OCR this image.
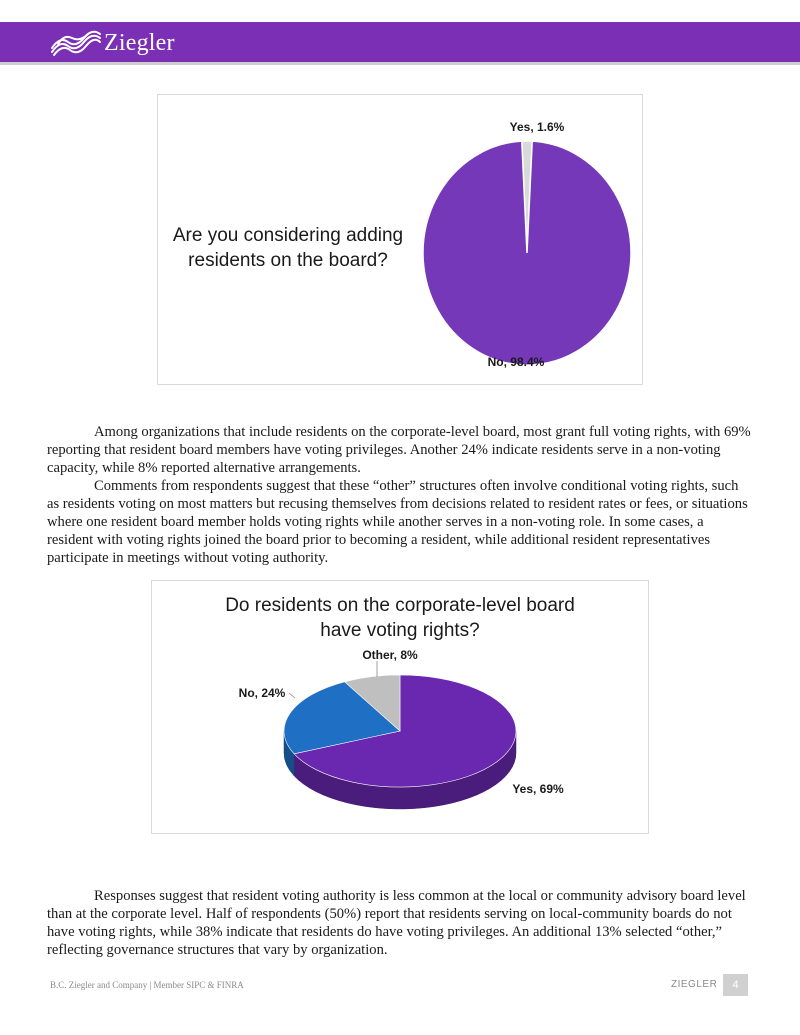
Ziegler
Are you considering adding
residents on the board?
Yes, 1.6%
No, 98.4%

Among organizations that include residents on the corporate-level board, most grant full voting rights, with 69% reporting that resident board members have voting privileges. Another 24% indicate residents serve in a non-voting capacity, while 8% reported alternative arrangements.

Comments from respondents suggest that these “other” structures often involve conditional voting rights, such as residents voting on most matters but recusing themselves from decisions related to resident rates or fees, or situations where one resident board member holds voting rights while another serves in a non-voting role. In some cases, a resident with voting rights joined the board prior to becoming a resident, while additional resident representatives participate in meetings without voting authority.

Do residents on the corporate-level board
have voting rights?
Other, 8%
No, 24%
Yes, 69%

Responses suggest that resident voting authority is less common at the local or community advisory board level than at the corporate level. Half of respondents (50%) report that residents serving on local-community boards do not have voting rights, while 38% indicate that residents do have voting privileges. An additional 13% selected “other,” reflecting governance structures that vary by organization.

B.C. Ziegler and Company | Member SIPC & FINRA	ZIEGLER	4
